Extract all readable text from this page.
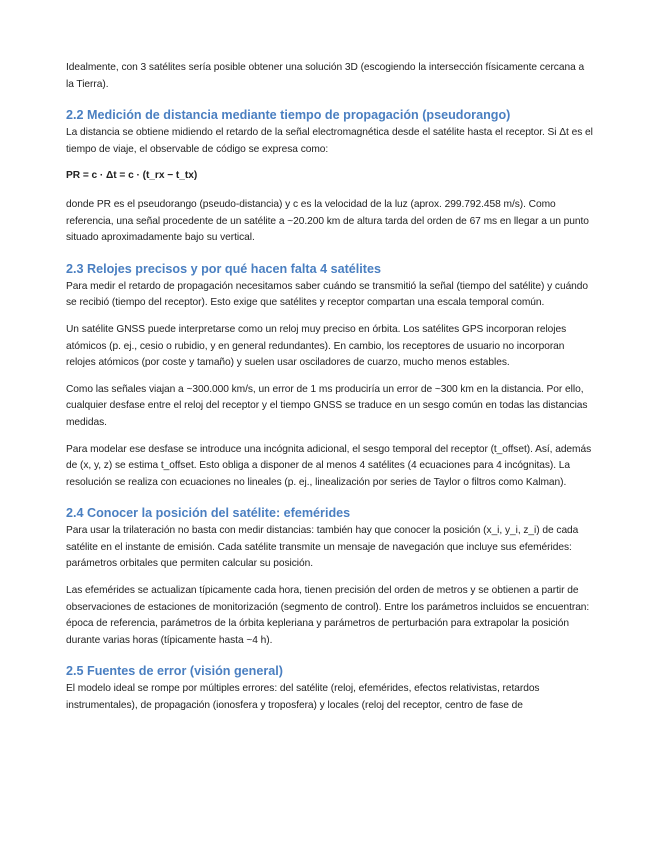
Idealmente, con 3 satélites sería posible obtener una solución 3D (escogiendo la intersección físicamente cercana a la Tierra).

2.2 Medición de distancia mediante tiempo de propagación (pseudorango)

La distancia se obtiene midiendo el retardo de la señal electromagnética desde el satélite hasta el receptor. Si Δt es el tiempo de viaje, el observable de código se expresa como:

PR = c · Δt = c · (t_rx − t_tx)

donde PR es el pseudorango (pseudo-distancia) y c es la velocidad de la luz (aprox. 299.792.458 m/s). Como referencia, una señal procedente de un satélite a ~20.200 km de altura tarda del orden de 67 ms en llegar a un punto situado aproximadamente bajo su vertical.

2.3 Relojes precisos y por qué hacen falta 4 satélites

Para medir el retardo de propagación necesitamos saber cuándo se transmitió la señal (tiempo del satélite) y cuándo se recibió (tiempo del receptor). Esto exige que satélites y receptor compartan una escala temporal común.

Un satélite GNSS puede interpretarse como un reloj muy preciso en órbita. Los satélites GPS incorporan relojes atómicos (p. ej., cesio o rubidio, y en general redundantes). En cambio, los receptores de usuario no incorporan relojes atómicos (por coste y tamaño) y suelen usar osciladores de cuarzo, mucho menos estables.

Como las señales viajan a ~300.000 km/s, un error de 1 ms produciría un error de ~300 km en la distancia. Por ello, cualquier desfase entre el reloj del receptor y el tiempo GNSS se traduce en un sesgo común en todas las distancias medidas.

Para modelar ese desfase se introduce una incógnita adicional, el sesgo temporal del receptor (t_offset). Así, además de (x, y, z) se estima t_offset. Esto obliga a disponer de al menos 4 satélites (4 ecuaciones para 4 incógnitas). La resolución se realiza con ecuaciones no lineales (p. ej., linealización por series de Taylor o filtros como Kalman).

2.4 Conocer la posición del satélite: efemérides

Para usar la trilateración no basta con medir distancias: también hay que conocer la posición (x_i, y_i, z_i) de cada satélite en el instante de emisión. Cada satélite transmite un mensaje de navegación que incluye sus efemérides: parámetros orbitales que permiten calcular su posición.

Las efemérides se actualizan típicamente cada hora, tienen precisión del orden de metros y se obtienen a partir de observaciones de estaciones de monitorización (segmento de control). Entre los parámetros incluidos se encuentran: época de referencia, parámetros de la órbita kepleriana y parámetros de perturbación para extrapolar la posición durante varias horas (típicamente hasta ~4 h).

2.5 Fuentes de error (visión general)

El modelo ideal se rompe por múltiples errores: del satélite (reloj, efemérides, efectos relativistas, retardos instrumentales), de propagación (ionosfera y troposfera) y locales (reloj del receptor, centro de fase de
